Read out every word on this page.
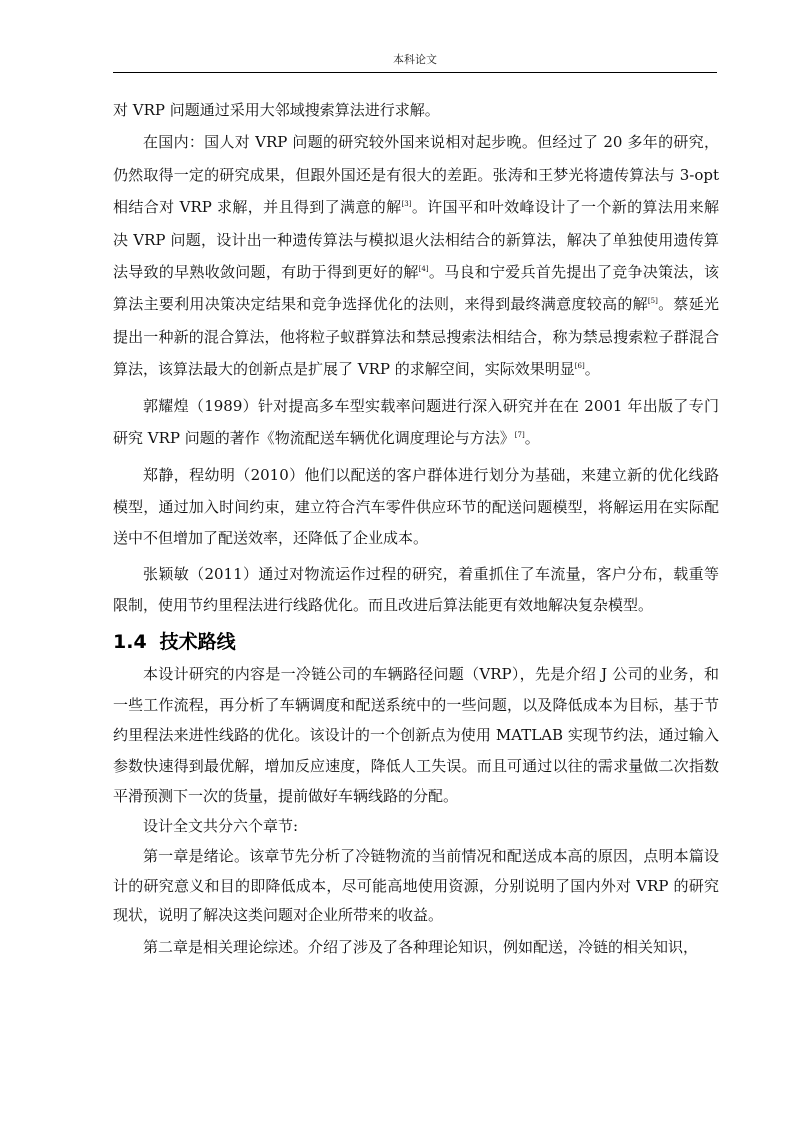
本科论文

对 VRP 问题通过采用大邻域搜索算法进行求解。

在国内：国人对 VRP 问题的研究较外国来说相对起步晚。但经过了 20 多年的研究，仍然取得一定的研究成果，但跟外国还是有很大的差距。张涛和王梦光将遗传算法与 3-opt 相结合对 VRP 求解，并且得到了满意的解[3]。许国平和叶效峰设计了一个新的算法用来解决 VRP 问题，设计出一种遗传算法与模拟退火法相结合的新算法，解决了单独使用遗传算法导致的早熟收敛问题，有助于得到更好的解[4]。马良和宁爱兵首先提出了竞争决策法，该算法主要利用决策决定结果和竞争选择优化的法则，来得到最终满意度较高的解[5]。蔡延光提出一种新的混合算法，他将粒子蚁群算法和禁忌搜索法相结合，称为禁忌搜索粒子群混合算法，该算法最大的创新点是扩展了 VRP 的求解空间，实际效果明显[6]。

郭耀煌（1989）针对提高多车型实载率问题进行深入研究并在在 2001 年出版了专门研究 VRP 问题的著作《物流配送车辆优化调度理论与方法》[7]。

郑静，程幼明（2010）他们以配送的客户群体进行划分为基础，来建立新的优化线路模型，通过加入时间约束，建立符合汽车零件供应环节的配送问题模型，将解运用在实际配送中不但增加了配送效率，还降低了企业成本。

张颖敏（2011）通过对物流运作过程的研究，着重抓住了车流量，客户分布，载重等限制，使用节约里程法进行线路优化。而且改进后算法能更有效地解决复杂模型。

1.4 技术路线

本设计研究的内容是一冷链公司的车辆路径问题（VRP），先是介绍 J 公司的业务，和一些工作流程，再分析了车辆调度和配送系统中的一些问题，以及降低成本为目标，基于节约里程法来进性线路的优化。该设计的一个创新点为使用 MATLAB 实现节约法，通过输入参数快速得到最优解，增加反应速度，降低人工失误。而且可通过以往的需求量做二次指数平滑预测下一次的货量，提前做好车辆线路的分配。

设计全文共分六个章节:

第一章是绪论。该章节先分析了冷链物流的当前情况和配送成本高的原因，点明本篇设计的研究意义和目的即降低成本，尽可能高地使用资源，分别说明了国内外对 VRP 的研究现状，说明了解决这类问题对企业所带来的收益。

第二章是相关理论综述。介绍了涉及了各种理论知识，例如配送，冷链的相关知识，
